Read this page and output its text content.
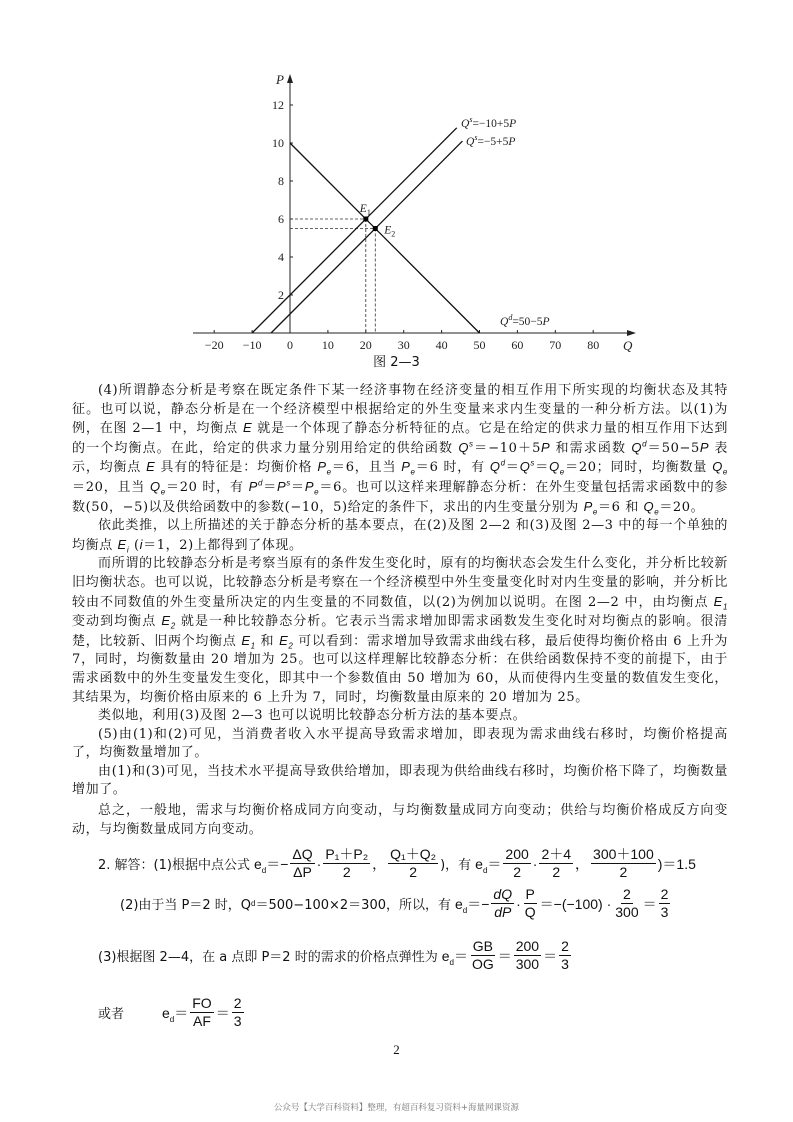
−20 −10 0 10 20 30 40 50 60 70 80
2
4
6
8
10
12
Q
P
$Q^s=-10+5P$
$Q^s=-5+5P$
$Q^d=50-5P$
$E_1$
$E_2$
图 2—3

(4)所谓静态分析是考察在既定条件下某一经济事物在经济变量的相互作用下所实现的均衡状态及其特征。也可以说，静态分析是在一个经济模型中根据给定的外生变量来求内生变量的一种分析方法。以(1)为例，在图 2—1 中，均衡点 E 就是一个体现了静态分析特征的点。它是在给定的供求力量的相互作用下达到的一个均衡点。在此，给定的供求力量分别用给定的供给函数 $Q^s=-10+5P$ 和需求函数 $Q^d=50-5P$ 表示，均衡点 E 具有的特征是：均衡价格 $P_e=6$，且当 $P_e=6$ 时，有 $Q^d=Q^s=Q_e=20$；同时，均衡数量 $Q_e=20$，且当 $Q_e=20$ 时，有 $P^d=P^s=P_e=6$。也可以这样来理解静态分析：在外生变量包括需求函数中的参数(50，−5)以及供给函数中的参数(−10，5)给定的条件下，求出的内生变量分别为 $P_e=6$ 和 $Q_e=20$。

依此类推，以上所描述的关于静态分析的基本要点，在(2)及图 2—2 和(3)及图 2—3 中的每一个单独的均衡点 $E_i$ (i＝1，2)上都得到了体现。

而所谓的比较静态分析是考察当原有的条件发生变化时，原有的均衡状态会发生什么变化，并分析比较新旧均衡状态。也可以说，比较静态分析是考察在一个经济模型中外生变量变化时对内生变量的影响，并分析比较由不同数值的外生变量所决定的内生变量的不同数值，以(2)为例加以说明。在图 2—2 中，由均衡点 $E_1$ 变动到均衡点 $E_2$ 就是一种比较静态分析。它表示当需求增加即需求函数发生变化时对均衡点的影响。很清楚，比较新、旧两个均衡点 $E_1$ 和 $E_2$ 可以看到：需求增加导致需求曲线右移，最后使得均衡价格由 6 上升为 7，同时，均衡数量由 20 增加为 25。也可以这样理解比较静态分析：在供给函数保持不变的前提下，由于需求函数中的外生变量发生变化，即其中一个参数值由 50 增加为 60，从而使得内生变量的数值发生变化，其结果为，均衡价格由原来的 6 上升为 7，同时，均衡数量由原来的 20 增加为 25。

类似地，利用(3)及图 2—3 也可以说明比较静态分析方法的基本要点。

(5)由(1)和(2)可见，当消费者收入水平提高导致需求增加，即表现为需求曲线右移时，均衡价格提高了，均衡数量增加了。

由(1)和(3)可见，当技术水平提高导致供给增加，即表现为供给曲线右移时，均衡价格下降了，均衡数量增加了。

总之，一般地，需求与均衡价格成同方向变动，与均衡数量成同方向变动；供给与均衡价格成反方向变动，与均衡数量成同方向变动。

2. 解答：(1)根据中点公式 $e_d =- \frac{\Delta Q}{\Delta P} \cdot \frac{\text{P₁＋P₂}}{2}$ ， $\frac{\text{Q₁＋Q₂}}{2}$ )，有 $e_d = \frac{200}{2} \cdot \frac{2+4}{2}$ ， $\frac{300+100}{2} )=1.5$
(2)由于当 P＝2 时，Q d ＝500−100×2＝300，所以，有 $e_d =- \frac{dQ}{dP} \cdot \frac{P}{Q} =-(-100) \cdot \frac{2}{300} = \frac{2}{3}$
(3)根据图 2—4，在 a 点即 P＝2 时的需求的价格点弹性为 $e_d = \frac{GB}{OG} = \frac{200}{300} = \frac{2}{3}$
或者	$e_d = \frac{FO}{AF} = \frac{2}{3}$
2
公众号【大学百科资料】整理，有超百科复习资料+海量网课资源
